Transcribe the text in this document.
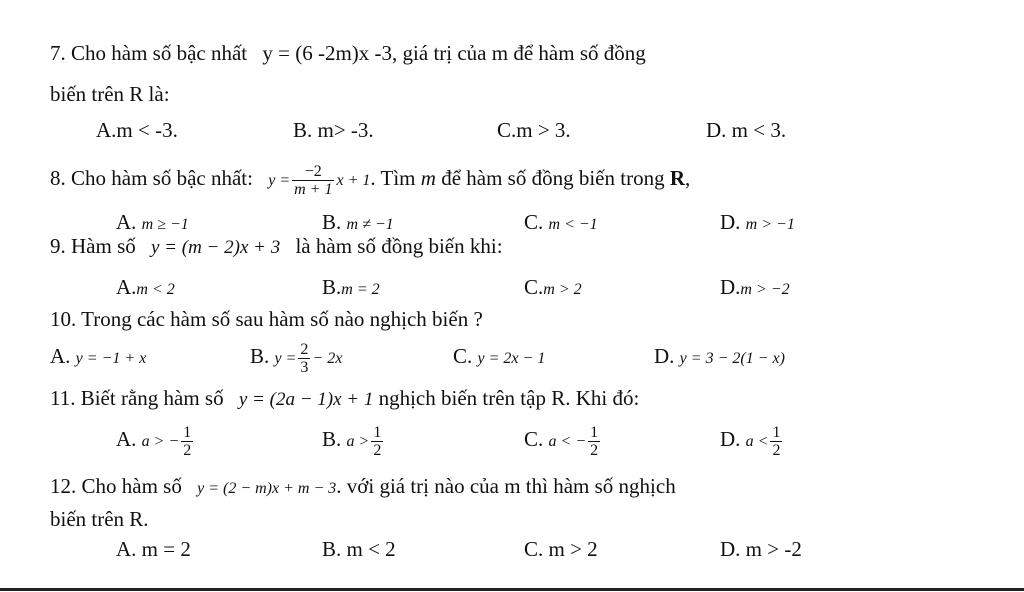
7. Cho hàm số bậc nhất y = (6 -2m)x -3, giá trị của m để hàm số đồng
biến trên R là:
A.m < -3.	B. m> -3.	C.m > 3.	D. m < 3.
8. Cho hàm số bậc nhất: $y = \frac{-2}{m + 1}$ x + 1. Tìm m để hàm số đồng biến trong R,
A. m ≥ −1	B. m ≠ −1	C. m < −1	D. m > −1
9. Hàm số y = (m − 2)x + 3 là hàm số đồng biến khi:
A.m < 2	B.m = 2	C.m > 2	D.m > −2
10. Trong các hàm số sau hàm số nào nghịch biến ?
A. y = −1 + x	B. $y = \frac{2}{3} - 2x$	C. y = 2x − 1	D. y = 3 − 2(1 − x)
11. Biết rằng hàm số y = (2a − 1)x + 1 nghịch biến trên tập R. Khi đó:
A. a > − $\frac{1}{2}$	B. $a > \frac{1}{2}$	C. a < − $\frac{1}{2}$	D. $a < \frac{1}{2}$
12. Cho hàm số y = (2 − m)x + m − 3. với giá trị nào của m thì hàm số nghịch
biến trên R.
A. m = 2	B. m < 2	C. m > 2	D. m > -2
